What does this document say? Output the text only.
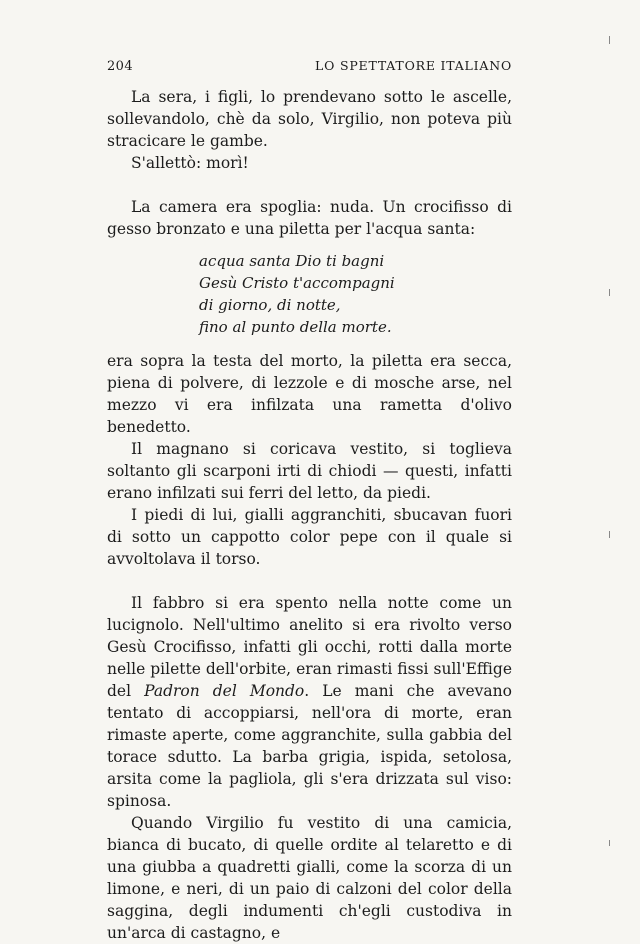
204	LO SPETTATORE ITALIANO

La sera, i figli, lo prendevano sotto le ascelle, sollevandolo, chè da solo, Virgilio, non poteva più stracicare le gambe.

S'allettò: morì!

La camera era spoglia: nuda. Un crocifisso di gesso bronzato e una piletta per l'acqua santa:

acqua santa Dio ti bagni
Gesù Cristo t'accompagni
di giorno, di notte,
fino al punto della morte.

era sopra la testa del morto, la piletta era secca, piena di polvere, di lezzole e di mosche arse, nel mezzo vi era infilzata una rametta d'olivo benedetto.

Il magnano si coricava vestito, si toglieva soltanto gli scarponi irti di chiodi — questi, infatti erano infilzati sui ferri del letto, da piedi.

I piedi di lui, gialli aggranchiti, sbucavan fuori di sotto un cappotto color pepe con il quale si avvoltolava il torso.

Il fabbro si era spento nella notte come un lucignolo. Nell'ultimo anelito si era rivolto verso Gesù Crocifisso, infatti gli occhi, rotti dalla morte nelle pilette dell'orbite, eran rimasti fissi sull'Effige del Padron del Mondo. Le mani che avevano tentato di accoppiarsi, nell'ora di morte, eran rimaste aperte, come aggranchite, sulla gabbia del torace sdutto. La barba grigia, ispida, setolosa, arsita come la pagliola, gli s'era drizzata sul viso: spinosa.

Quando Virgilio fu vestito di una camicia, bianca di bucato, di quelle ordite al telaretto e di una giubba a quadretti gialli, come la scorza di un limone, e neri, di un paio di calzoni del color della saggina, degli indumenti ch'egli custodiva in un'arca di castagno, e
